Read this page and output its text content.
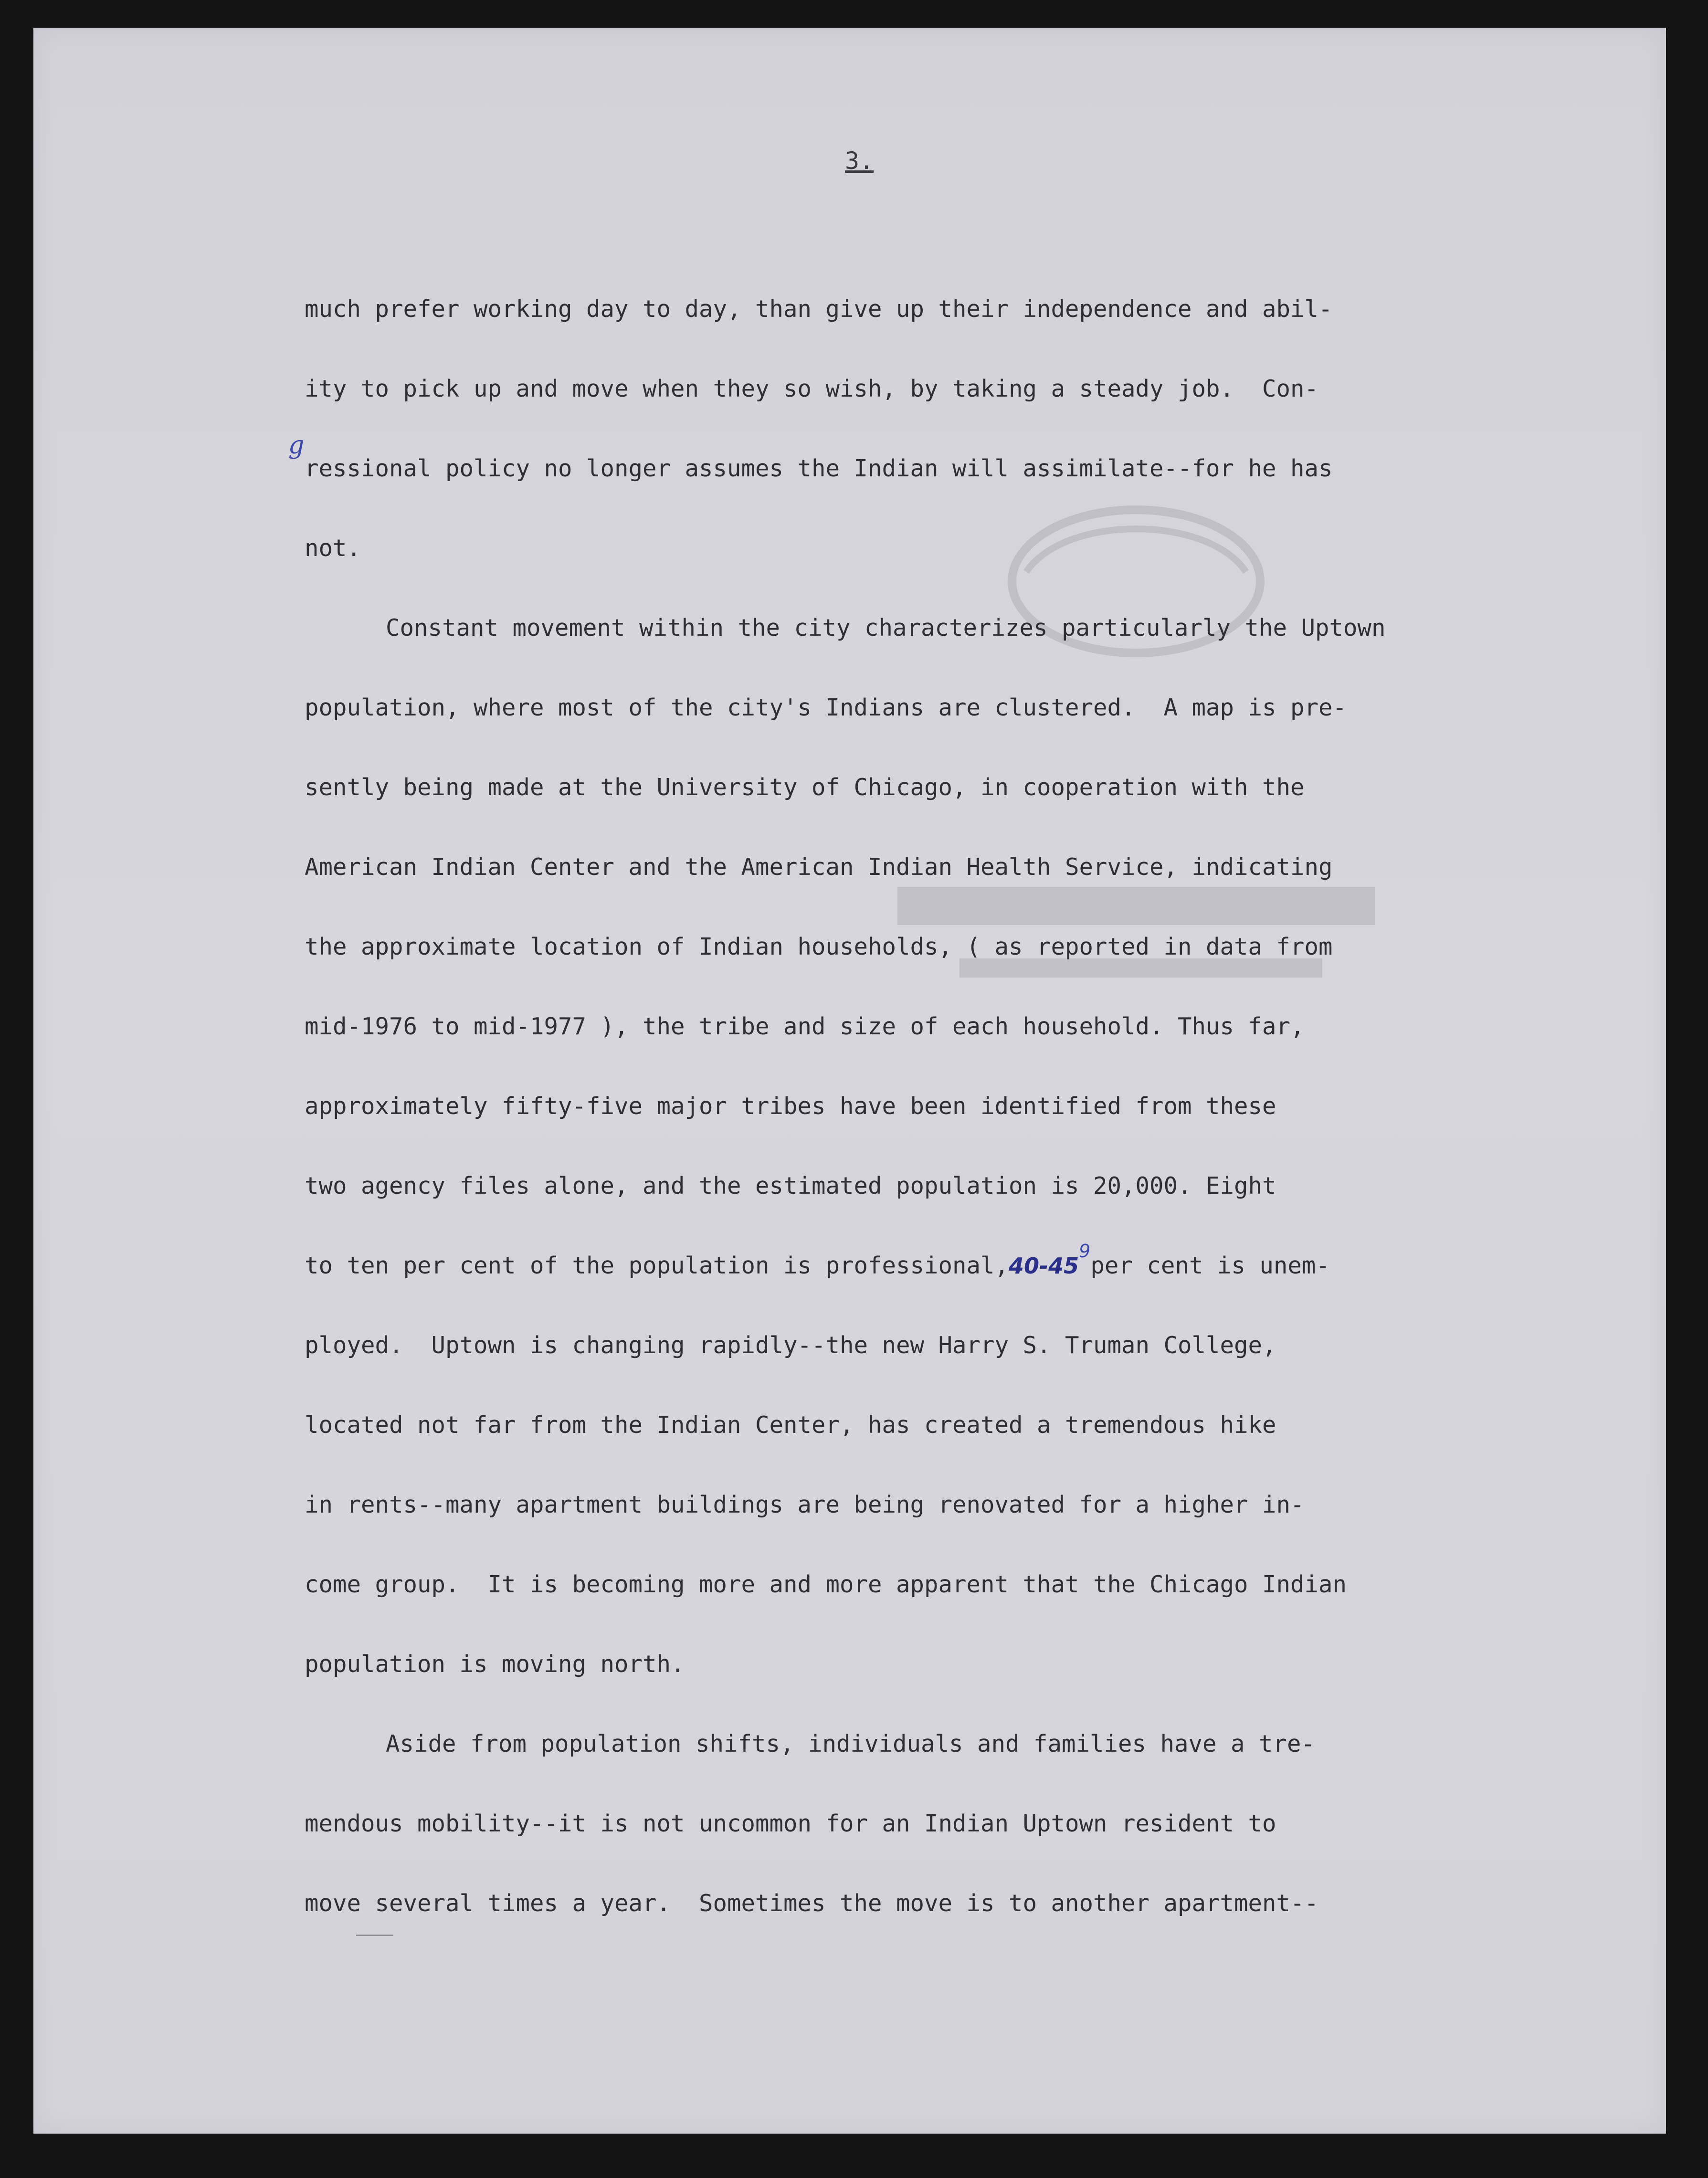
3.
g
much prefer working day to day, than give up their independence and abil-
ity to pick up and move when they so wish, by taking a steady job.  Con-
ressional policy no longer assumes the Indian will assimilate--for he has
not.
Constant movement within the city characterizes particularly the Uptown
population, where most of the city's Indians are clustered.  A map is pre-
sently being made at the University of Chicago, in cooperation with the
American Indian Center and the American Indian Health Service, indicating
the approximate location of Indian households, ( as reported in data from
mid-1976 to mid-1977 ), the tribe and size of each household. Thus far,
approximately fifty-five major tribes have been identified from these
two agency files alone, and the estimated population is 20,000. Eight
to ten per cent of the population is $professional,40-45^9per$ cent is unem-
ployed.  Uptown is changing rapidly--the new Harry S. Truman College,
located not far from the Indian Center, has created a tremendous hike
in rents--many apartment buildings are being renovated for a higher in-
come group.  It is becoming more and more apparent that the Chicago Indian
population is moving north.
Aside from population shifts, individuals and families have a tre-
mendous mobility--it is not uncommon for an Indian Uptown resident to
move several times a year.  Sometimes the move is to another apartment--
